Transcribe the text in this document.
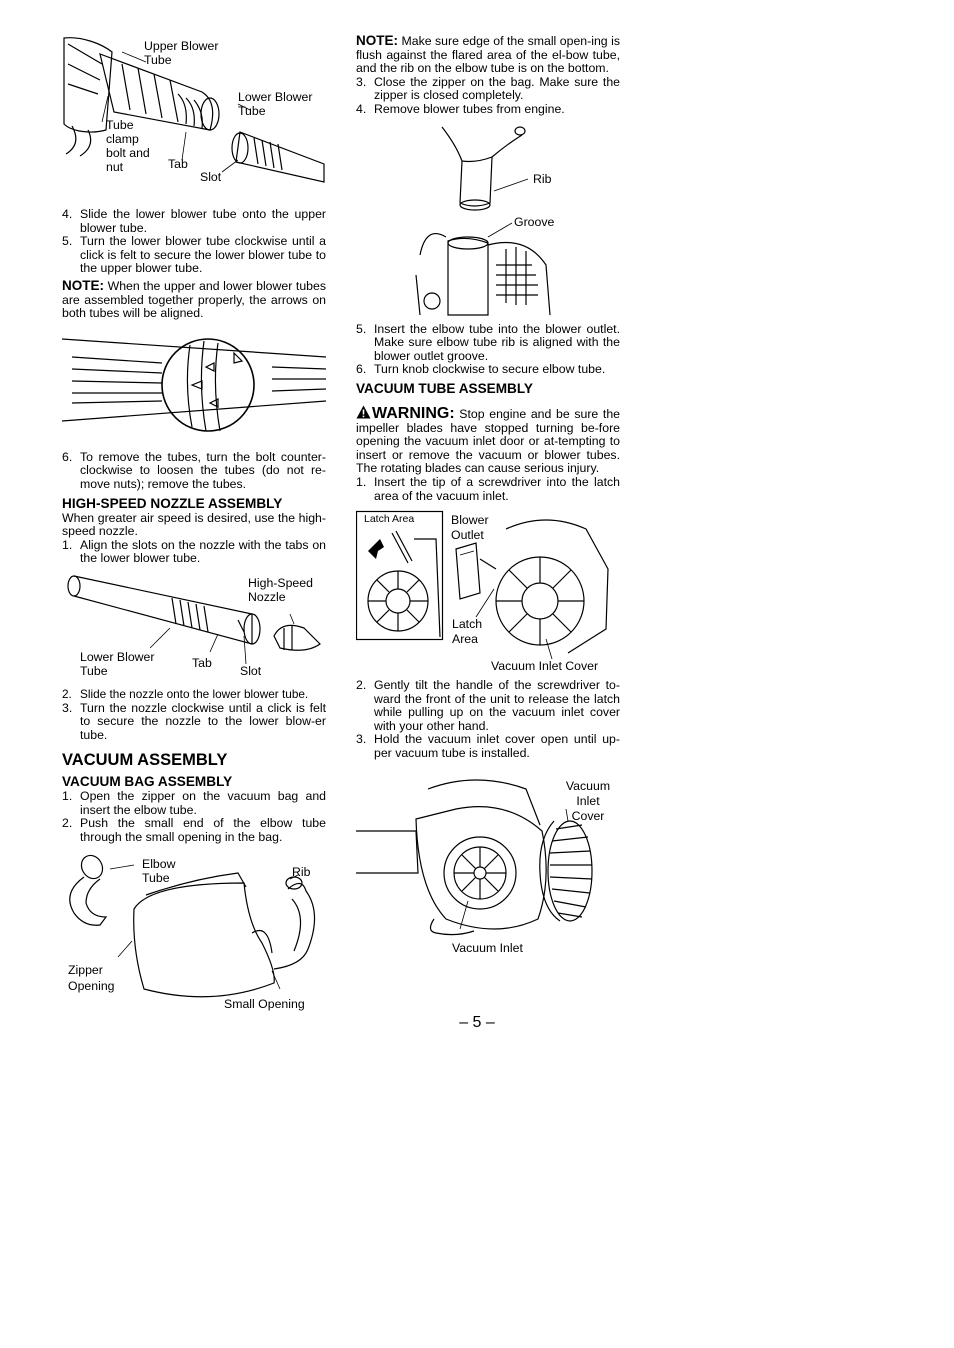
Upper Blower
Tube
Lower Blower
Tube
Tube
clamp
bolt and
nut	Tab
Slot
4. Slide the lower blower tube onto the upper blower tube.
5. Turn the lower blower tube clockwise until a click is felt to secure the lower blower tube to the upper blower tube.

NOTE: When the upper and lower blower tubes are assembled together properly, the arrows on both tubes will be aligned.

6. To remove the tubes, turn the bolt counter-clockwise to loosen the tubes (do not re-move nuts); remove the tubes.
HIGH-SPEED NOZZLE ASSEMBLY

When greater air speed is desired, use the high-speed nozzle.

1. Align the slots on the nozzle with the tabs on the lower blower tube.
High-Speed
Nozzle
Lower Blower
Tube
Tab
Slot
2. Slide the nozzle onto the lower blower tube.
3. Turn the nozzle clockwise until a click is felt to secure the nozzle to the lower blow-er tube.
VACUUM ASSEMBLY
VACUUM BAG ASSEMBLY
1. Open the zipper on the vacuum bag and insert the elbow tube.
2. Push the small end of the elbow tube through the small opening in the bag.
Elbow
Tube	Rib
Zipper
Opening
Small Opening

NOTE: Make sure edge of the small open-ing is flush against the flared area of the el-bow tube, and the rib on the elbow tube is on the bottom.

3. Close the zipper on the bag. Make sure the zipper is closed completely.
4. Remove blower tubes from engine.
Rib
Groove
5. Insert the elbow tube into the blower outlet. Make sure elbow tube rib is aligned with the blower outlet groove.
6. Turn knob clockwise to secure elbow tube.
VACUUM TUBE ASSEMBLY

WARNING: Stop engine and be sure the impeller blades have stopped turning be-fore opening the vacuum inlet door or at-tempting to insert or remove the vacuum or blower tubes. The rotating blades can cause serious injury.

1. Insert the tip of a screwdriver into the latch area of the vacuum inlet.
Latch Area	Blower
Outlet
Latch
Area
Vacuum Inlet Cover
2. Gently tilt the handle of the screwdriver to-ward the front of the unit to release the latch while pulling up on the vacuum inlet cover with your other hand.
3. Hold the vacuum inlet cover open until up-per vacuum tube is installed.
Vacuum
Inlet
Cover
Vacuum Inlet
– 5 –
